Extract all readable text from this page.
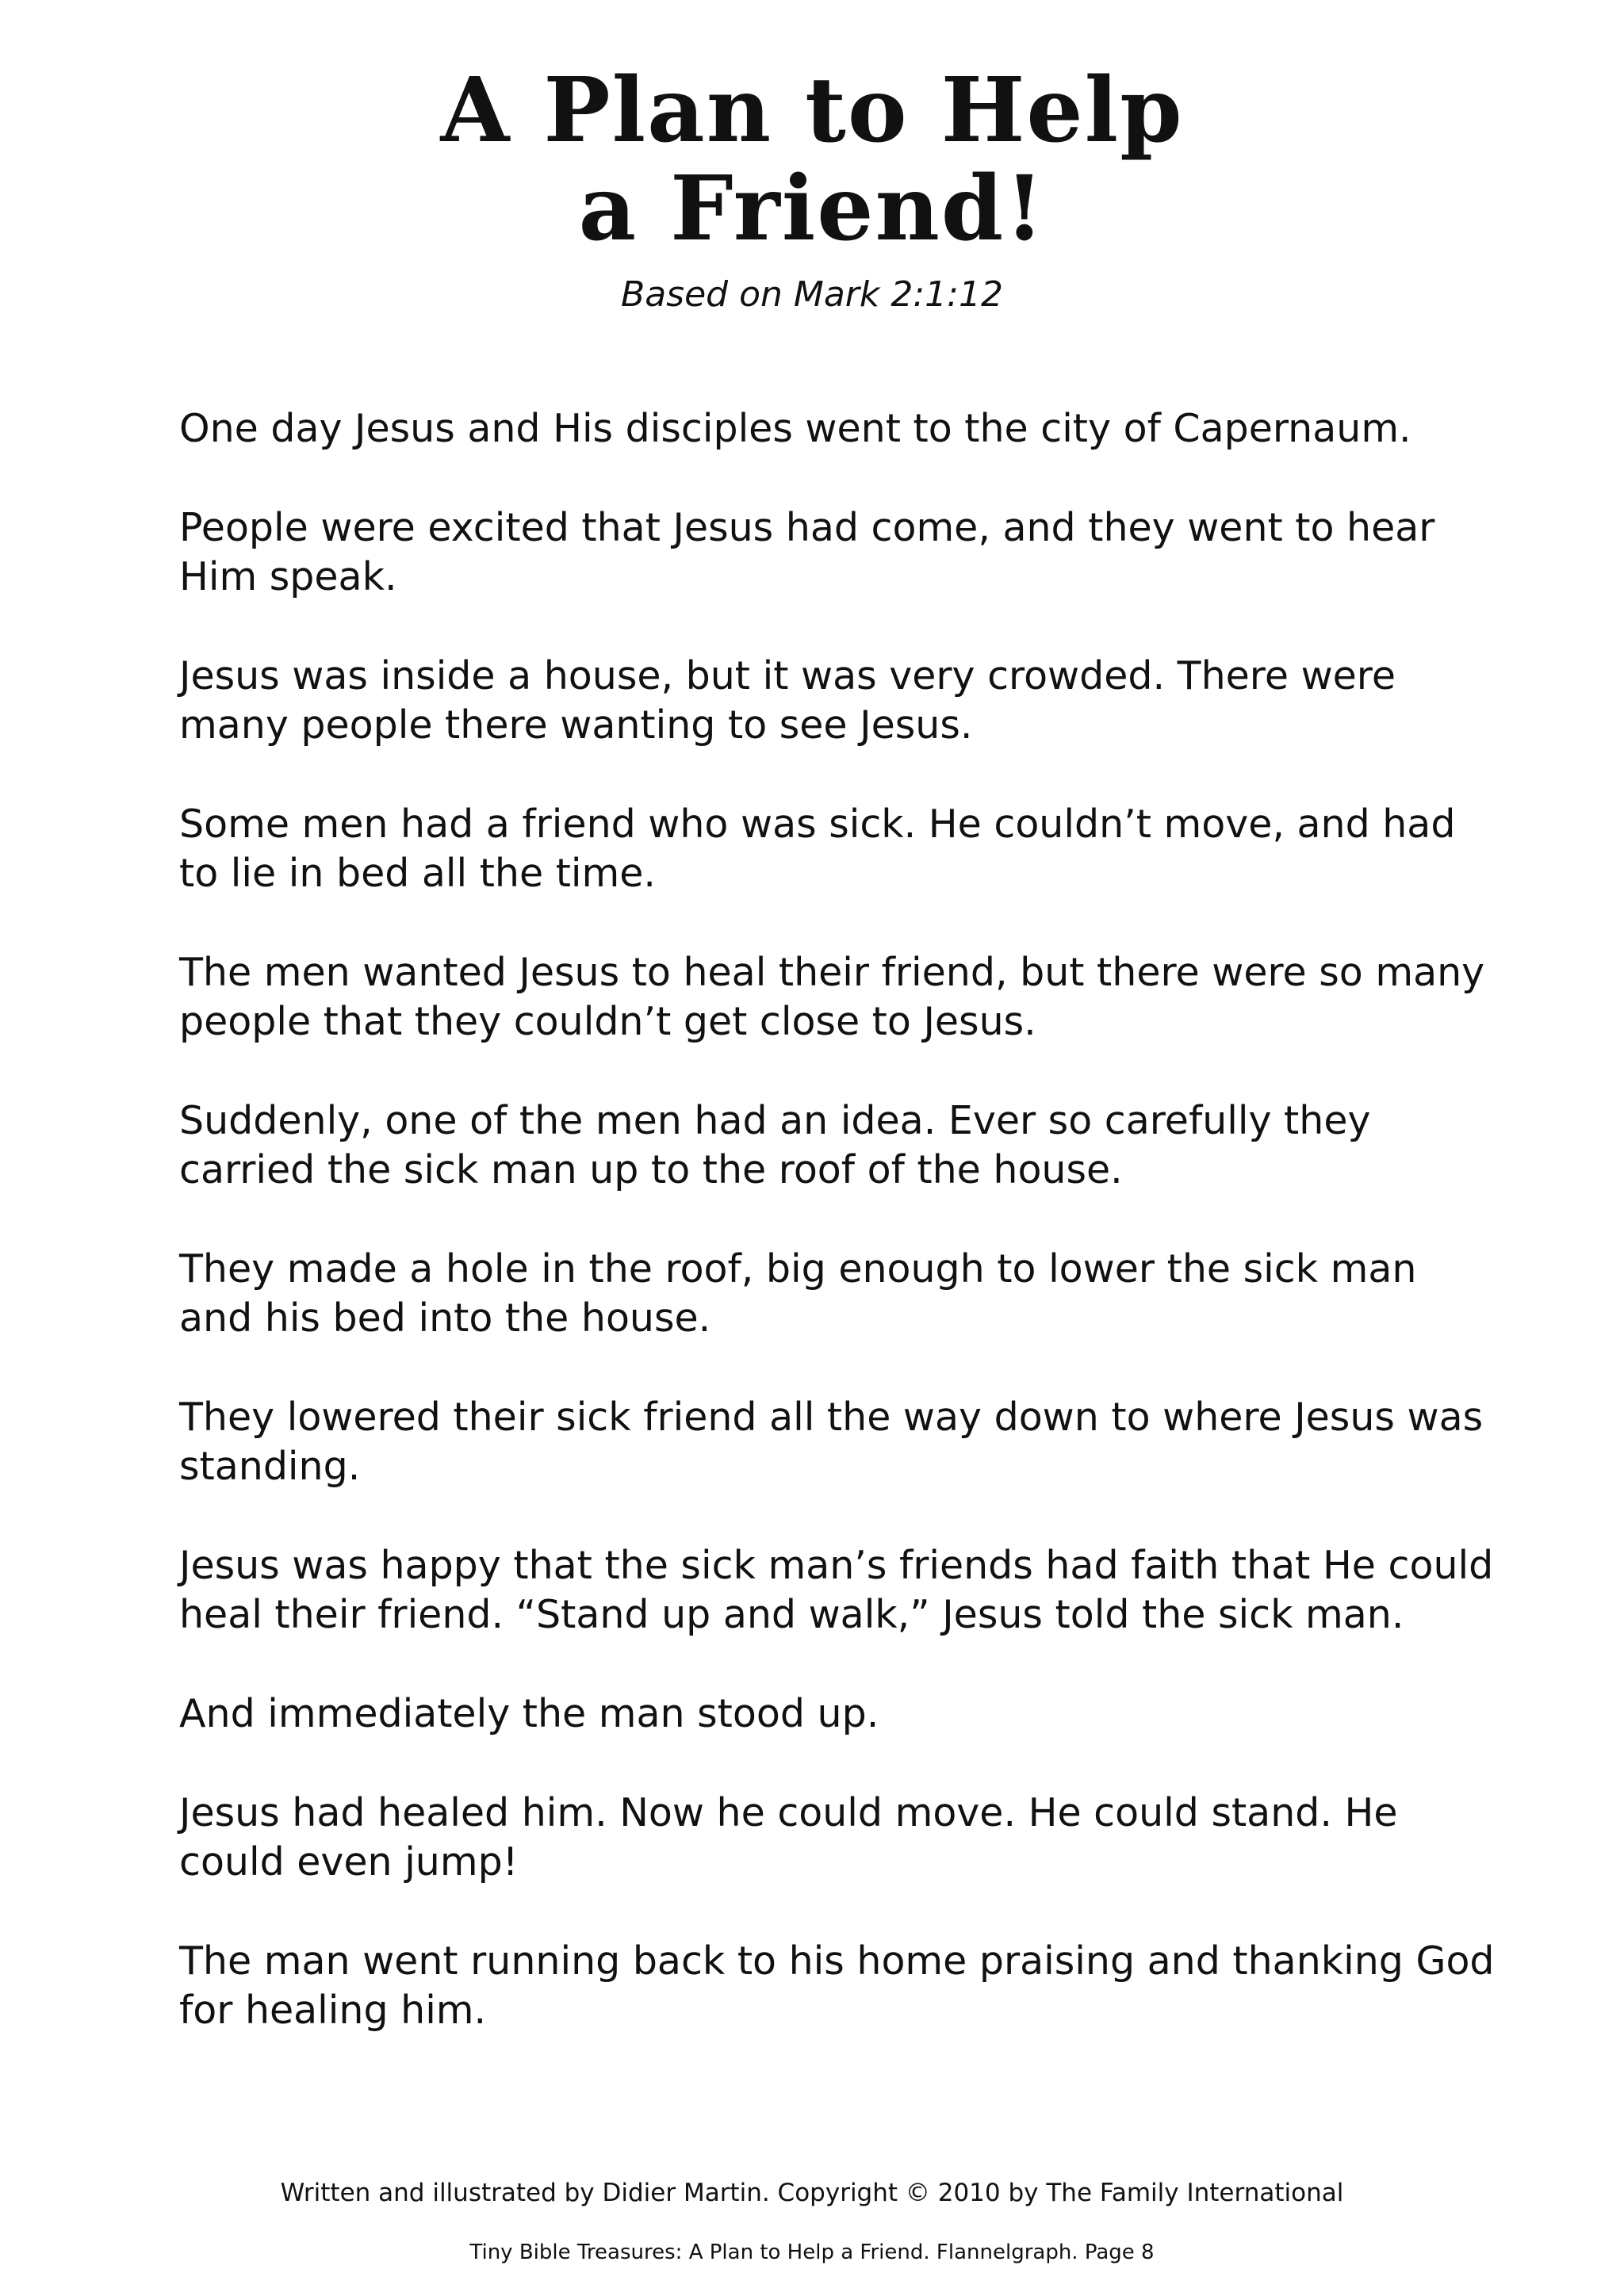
A Plan to Help
a Friend!

Based on Mark 2:1:12

One day Jesus and His disciples went to the city of Capernaum.

People were excited that Jesus had come, and they went to hear Him speak.

Jesus was inside a house, but it was very crowded. There were many people there wanting to see Jesus.

Some men had a friend who was sick. He couldn’t move, and had to lie in bed all the time.

The men wanted Jesus to heal their friend, but there were so many people that they couldn’t get close to Jesus.

Suddenly, one of the men had an idea. Ever so carefully they carried the sick man up to the roof of the house.

They made a hole in the roof, big enough to lower the sick man and his bed into the house.

They lowered their sick friend all the way down to where Jesus was standing.

Jesus was happy that the sick man’s friends had faith that He could heal their friend. “Stand up and walk,” Jesus told the sick man.

And immediately the man stood up.

Jesus had healed him. Now he could move. He could stand. He could even jump!

The man went running back to his home praising and thanking God for healing him.

Written and illustrated by Didier Martin. Copyright © 2010 by The Family International

Tiny Bible Treasures: A Plan to Help a Friend. Flannelgraph. Page 8
